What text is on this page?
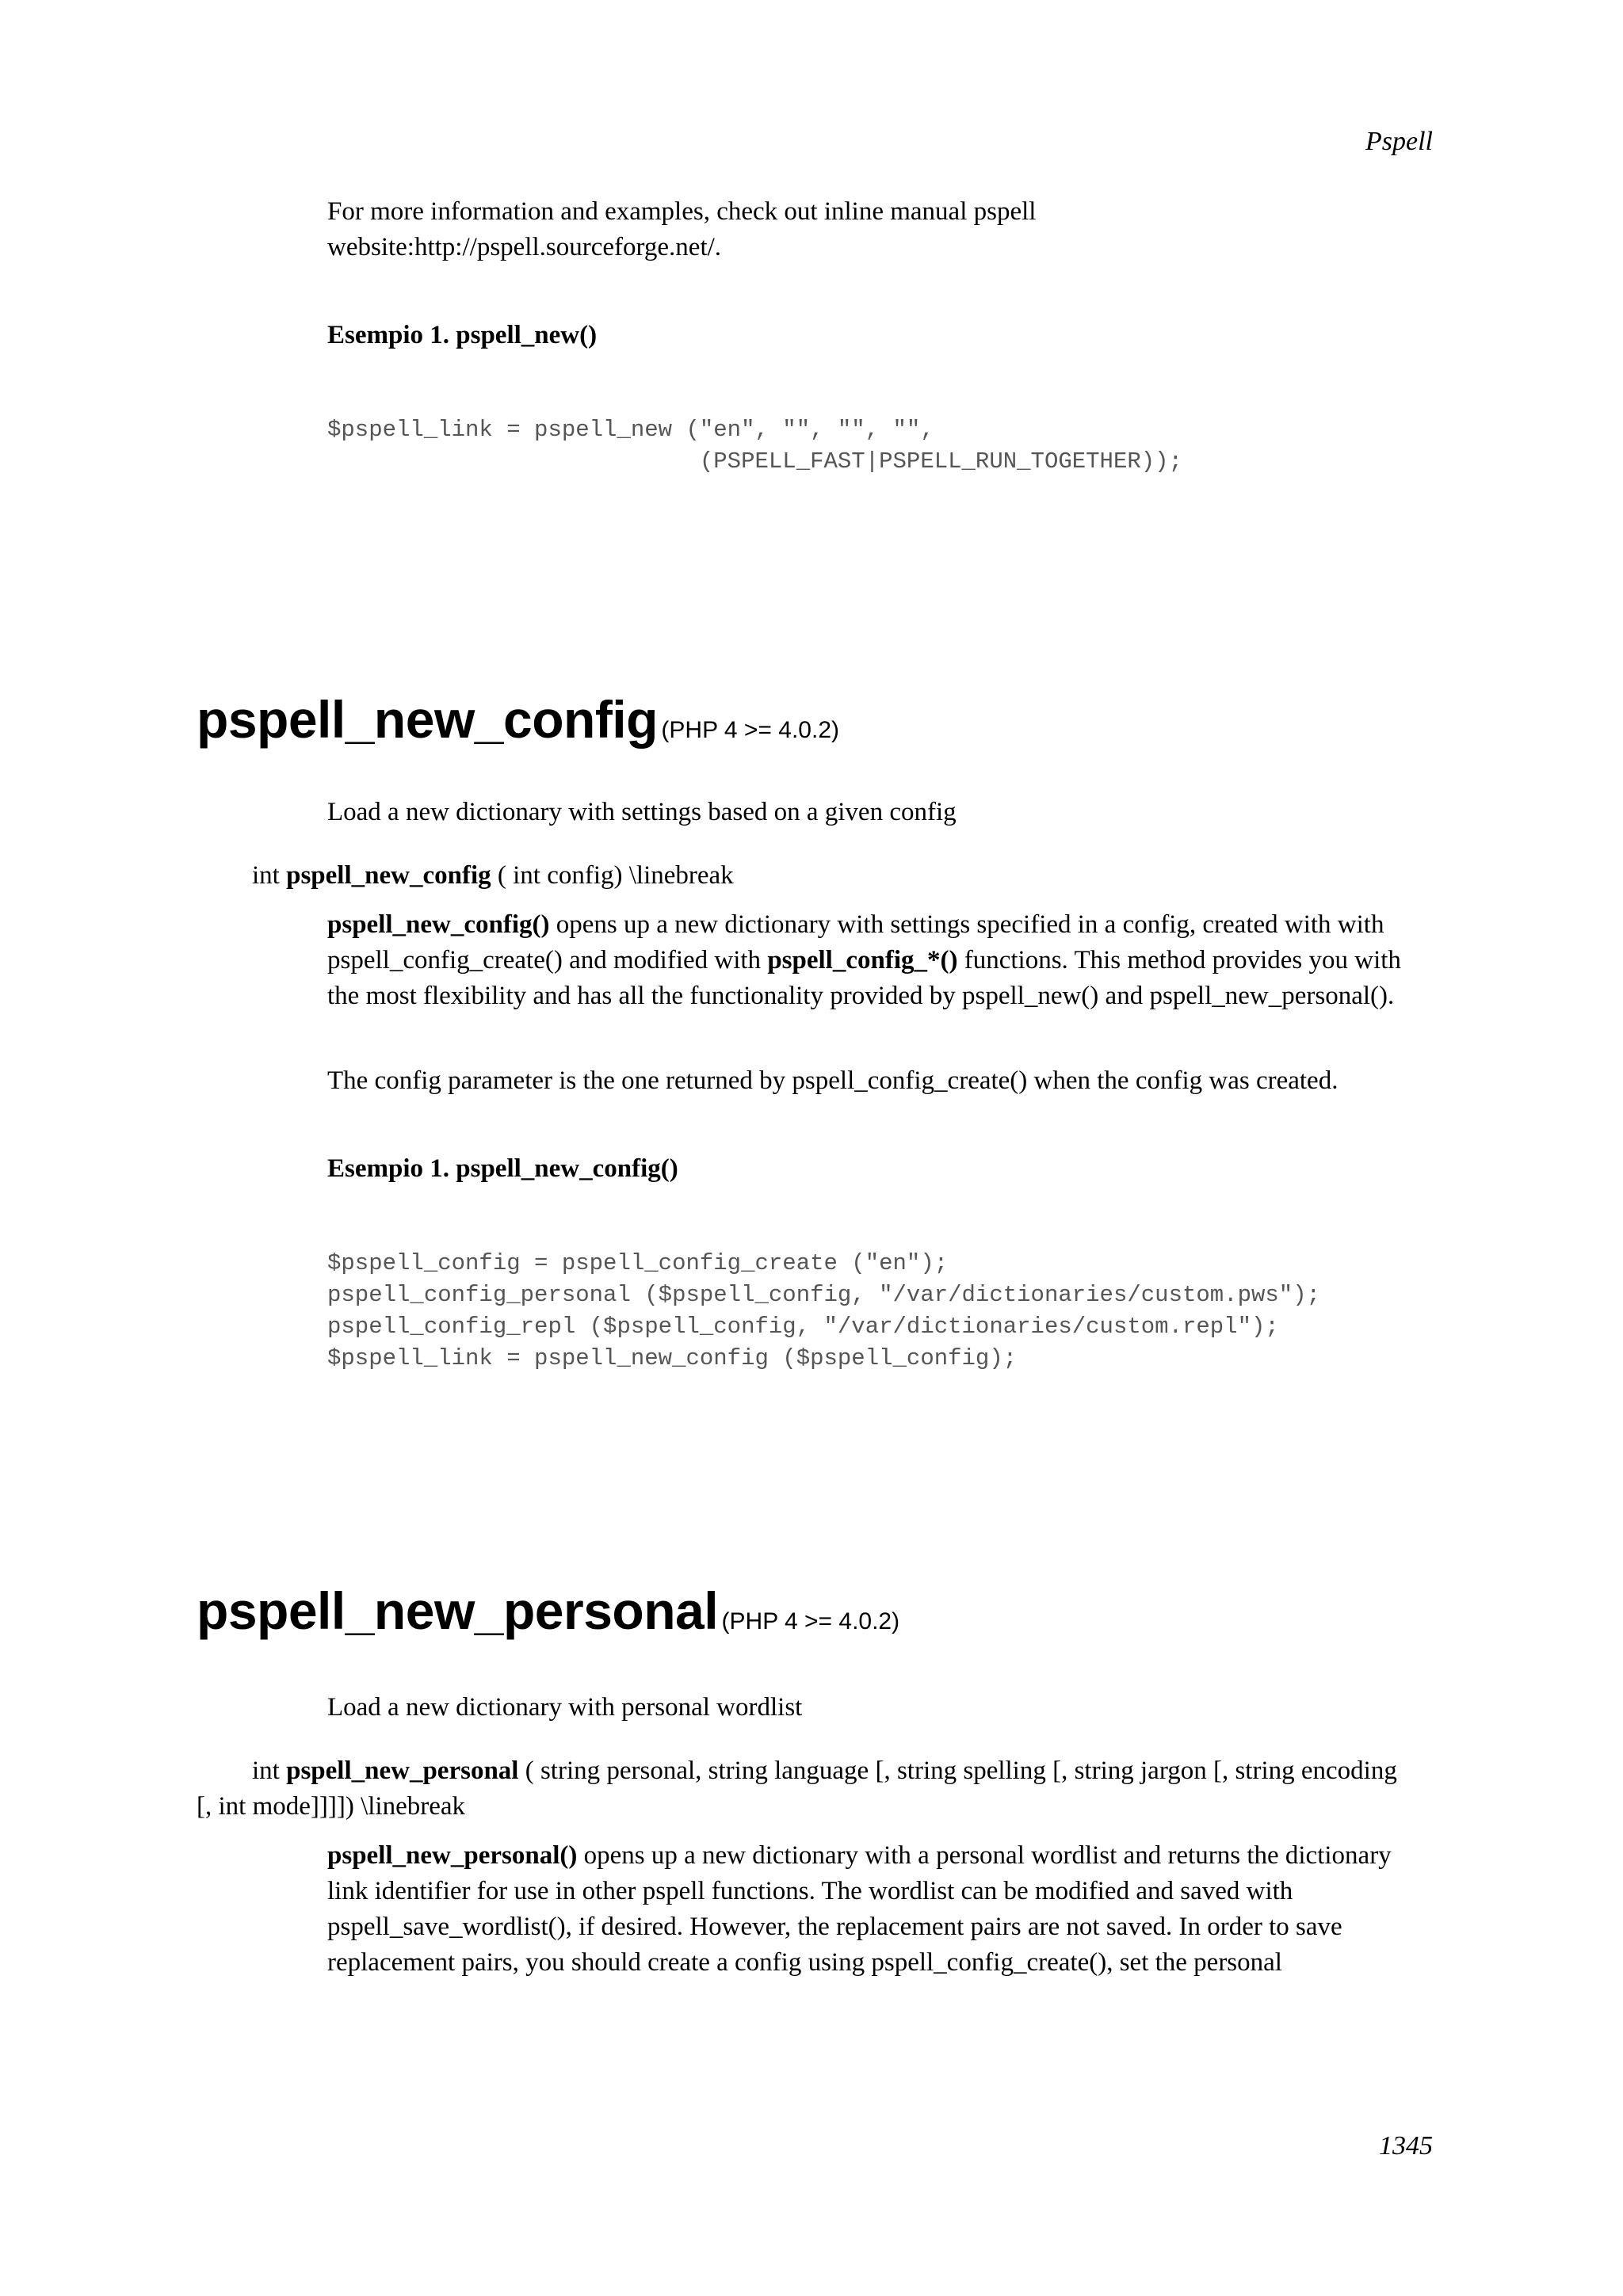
Pspell

For more information and examples, check out inline manual pspell
website:http://pspell.sourceforge.net/.

Esempio 1. pspell_new()
$pspell_link = pspell_new ("en", "", "", "",
(PSPELL_FAST|PSPELL_RUN_TOGETHER));
pspell_new_config (PHP 4 >= 4.0.2)

Load a new dictionary with settings based on a given config

int pspell_new_config ( int config) \linebreak

pspell_new_config() opens up a new dictionary with settings specified in a config, created with with pspell_config_create() and modified with pspell_config_*() functions. This method provides you with the most flexibility and has all the functionality provided by pspell_new() and pspell_new_personal().

The config parameter is the one returned by pspell_config_create() when the config was created.

Esempio 1. pspell_new_config()
$pspell_config = pspell_config_create ("en");
pspell_config_personal ($pspell_config, "/var/dictionaries/custom.pws");
pspell_config_repl ($pspell_config, "/var/dictionaries/custom.repl");
$pspell_link = pspell_new_config ($pspell_config);
pspell_new_personal (PHP 4 >= 4.0.2)

Load a new dictionary with personal wordlist

int pspell_new_personal ( string personal, string language [, string spelling [, string jargon [, string encoding
[, int mode]]]]) \linebreak

pspell_new_personal() opens up a new dictionary with a personal wordlist and returns the dictionary link identifier for use in other pspell functions. The wordlist can be modified and saved with pspell_save_wordlist(), if desired. However, the replacement pairs are not saved. In order to save replacement pairs, you should create a config using pspell_config_create(), set the personal

1345
